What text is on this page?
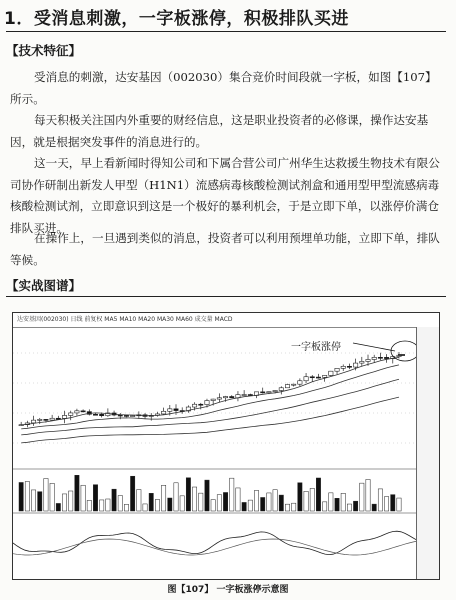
1．受消息刺激，一字板涨停，积极排队买进
【技术特征】

受消息的刺激，达安基因（002030）集合竞价时间段就一字板，如图【107】所示。

每天积极关注国内外重要的财经信息，这是职业投资者的必修课，操作达安基因，就是根据突发事件的消息进行的。

这一天，早上看新闻时得知公司和下属合营公司广州华生达救援生物技术有限公司协作研制出新发人甲型（H1N1）流感病毒核酸检测试剂盒和通用型甲型流感病毒核酸检测试剂，立即意识到这是一个极好的暴利机会，于是立即下单，以涨停价满仓排队买进。

在操作上，一旦遇到类似的消息，投资者可以利用预埋单功能，立即下单，排队等候。

【实战图谱】
达安基因(002030) 日线 前复权 MA5 MA10 MA20 MA30 MA60 成交量 MACD
一字板涨停
图【107】 一字板涨停示意图
